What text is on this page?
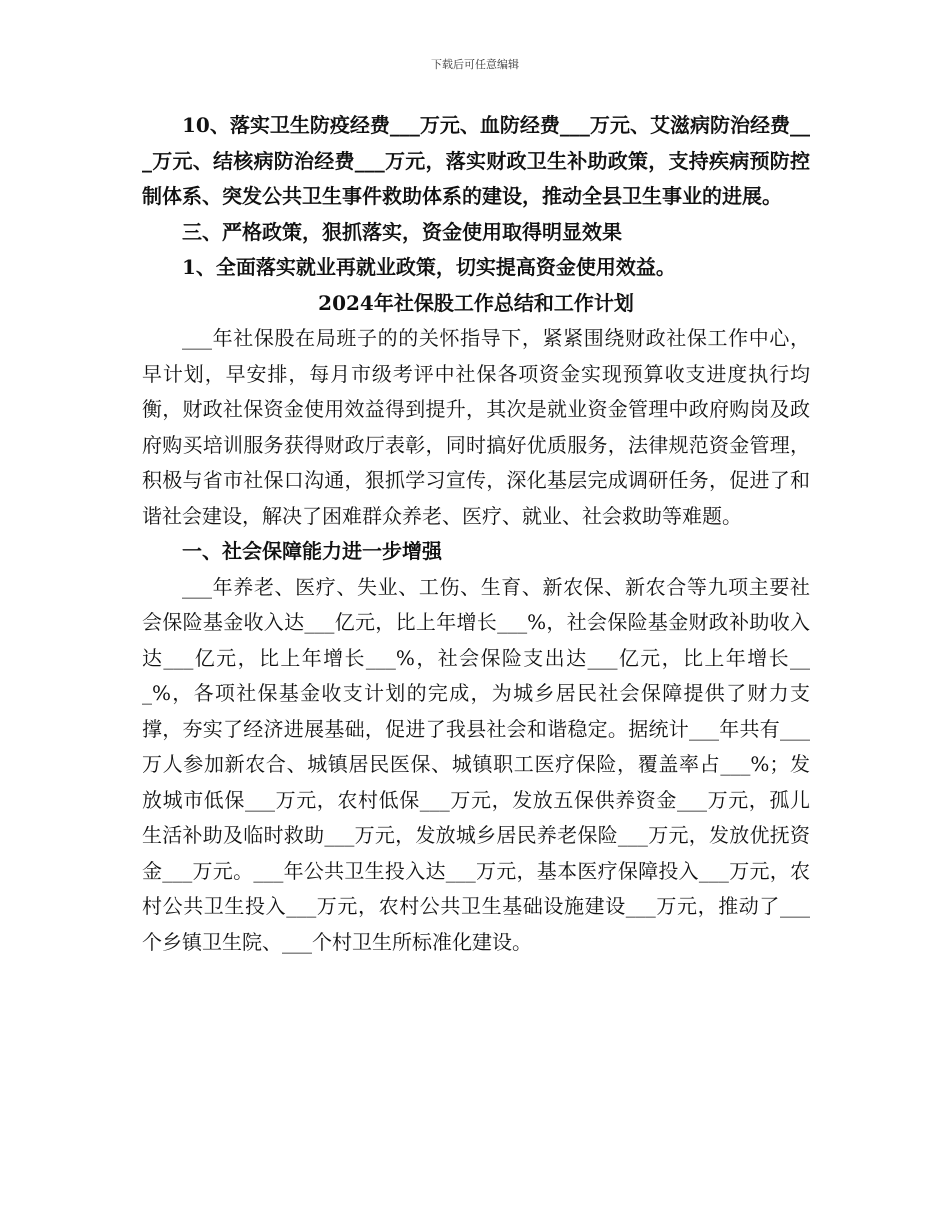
下载后可任意编辑

10、落实卫生防疫经费___万元、血防经费___万元、艾滋病防治经费___万元、结核病防治经费___万元，落实财政卫生补助政策，支持疾病预防控制体系、突发公共卫生事件救助体系的建设，推动全县卫生事业的进展。

三、严格政策，狠抓落实，资金使用取得明显效果

1、全面落实就业再就业政策，切实提高资金使用效益。

2024年社保股工作总结和工作计划

___年社保股在局班子的的关怀指导下，紧紧围绕财政社保工作中心，早计划，早安排，每月市级考评中社保各项资金实现预算收支进度执行均衡，财政社保资金使用效益得到提升，其次是就业资金管理中政府购岗及政府购买培训服务获得财政厅表彰，同时搞好优质服务，法律规范资金管理，积极与省市社保口沟通，狠抓学习宣传，深化基层完成调研任务，促进了和谐社会建设，解决了困难群众养老、医疗、就业、社会救助等难题。

一、社会保障能力进一步增强

___年养老、医疗、失业、工伤、生育、新农保、新农合等九项主要社会保险基金收入达___亿元，比上年增长___%，社会保险基金财政补助收入达___亿元，比上年增长___%，社会保险支出达___亿元，比上年增长___%，各项社保基金收支计划的完成，为城乡居民社会保障提供了财力支撑，夯实了经济进展基础，促进了我县社会和谐稳定。据统计___年共有___万人参加新农合、城镇居民医保、城镇职工医疗保险，覆盖率占___%；发放城市低保___万元，农村低保___万元，发放五保供养资金___万元，孤儿生活补助及临时救助___万元，发放城乡居民养老保险___万元，发放优抚资金___万元。___年公共卫生投入达___万元，基本医疗保障投入___万元，农村公共卫生投入___万元，农村公共卫生基础设施建设___万元，推动了___个乡镇卫生院、___个村卫生所标准化建设。
